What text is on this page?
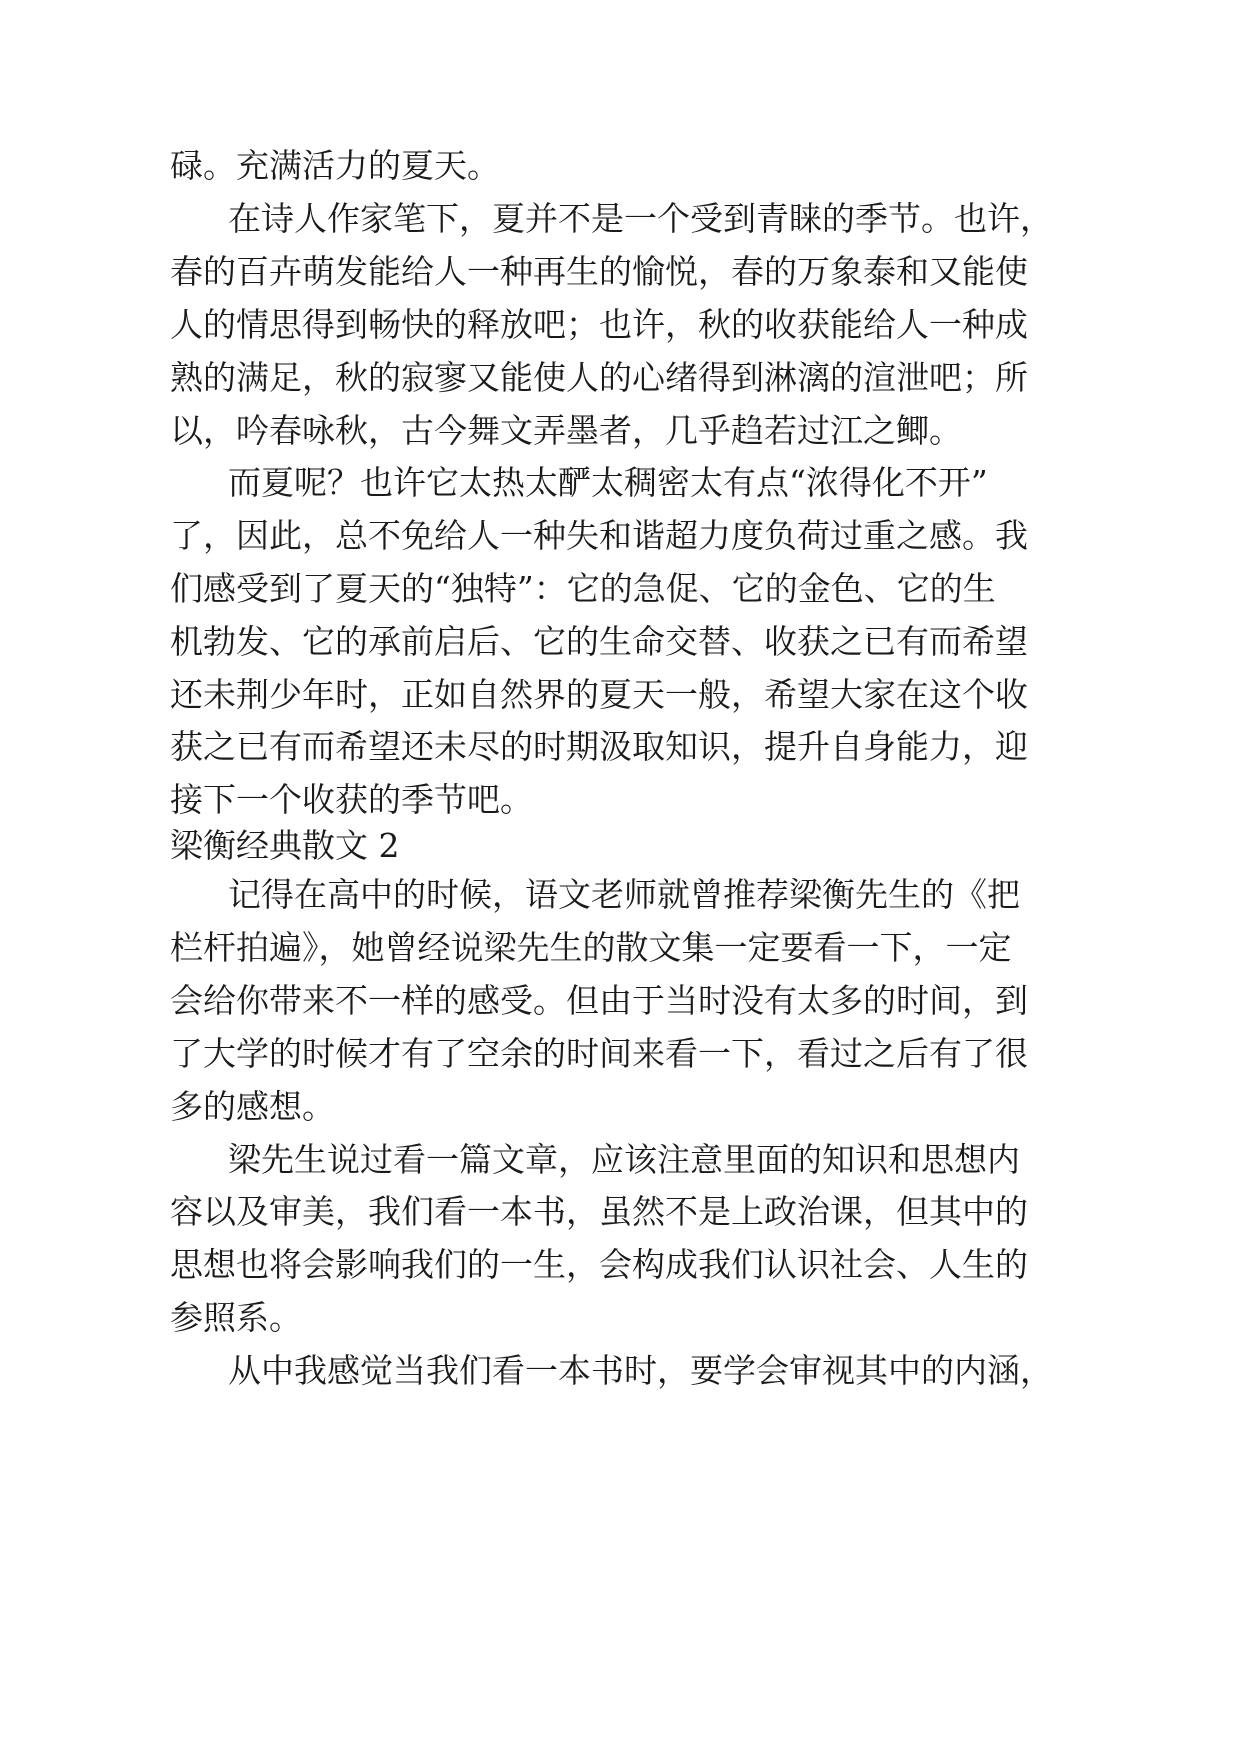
碌。充满活力的夏天。
在诗人作家笔下，夏并不是一个受到青睐的季节。也许，
春的百卉萌发能给人一种再生的愉悦，春的万象泰和又能使
人的情思得到畅快的释放吧；也许，秋的收获能给人一种成
熟的满足，秋的寂寥又能使人的心绪得到淋漓的渲泄吧；所
以，吟春咏秋，古今舞文弄墨者，几乎趋若过江之鲫。
而夏呢？也许它太热太酽太稠密太有点“浓得化不开”
了，因此，总不免给人一种失和谐超力度负荷过重之感。我
们感受到了夏天的“独特”：它的急促、它的金色、它的生
机勃发、它的承前启后、它的生命交替、收获之已有而希望
还未荆少年时，正如自然界的夏天一般，希望大家在这个收
获之已有而希望还未尽的时期汲取知识，提升自身能力，迎
接下一个收获的季节吧。
梁衡经典散文 2
记得在高中的时候，语文老师就曾推荐梁衡先生的《把
栏杆拍遍》，她曾经说梁先生的散文集一定要看一下，一定
会给你带来不一样的感受。但由于当时没有太多的时间，到
了大学的时候才有了空余的时间来看一下，看过之后有了很
多的感想。
梁先生说过看一篇文章，应该注意里面的知识和思想内
容以及审美，我们看一本书，虽然不是上政治课，但其中的
思想也将会影响我们的一生，会构成我们认识社会、人生的
参照系。
从中我感觉当我们看一本书时，要学会审视其中的内涵，
